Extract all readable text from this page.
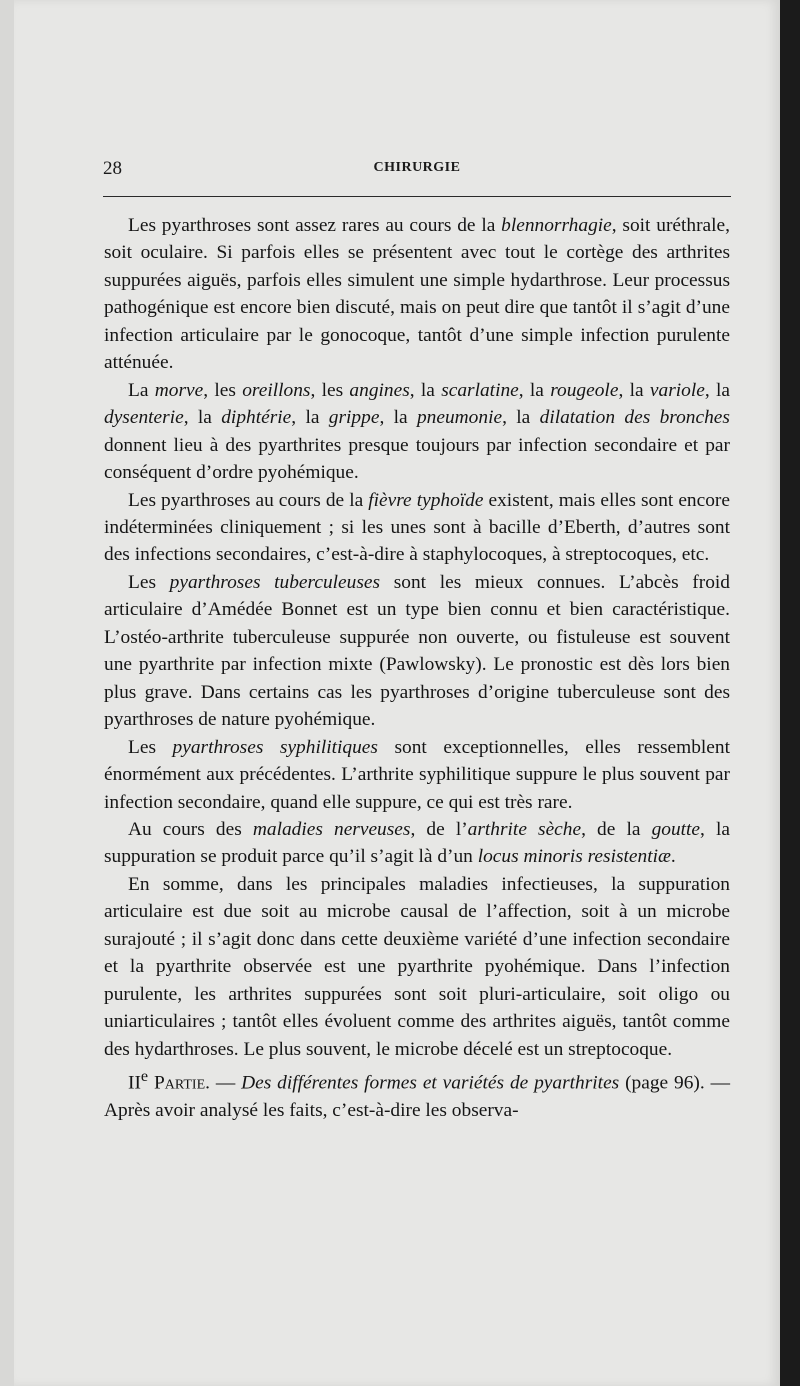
28	CHIRURGIE

Les pyarthroses sont assez rares au cours de la blennorrhagie, soit uréthrale, soit oculaire. Si parfois elles se présentent avec tout le cortège des arthrites suppurées aiguës, parfois elles simulent une simple hydarthrose. Leur processus pathogénique est encore bien discuté, mais on peut dire que tantôt il s’agit d’une infection articulaire par le gonocoque, tantôt d’une simple infection purulente atténuée.

La morve, les oreillons, les angines, la scarlatine, la rougeole, la variole, la dysenterie, la diphtérie, la grippe, la pneumonie, la dilatation des bronches donnent lieu à des pyarthrites presque toujours par infection secondaire et par conséquent d’ordre pyohémique.

Les pyarthroses au cours de la fièvre typhoïde existent, mais elles sont encore indéterminées cliniquement ; si les unes sont à bacille d’Eberth, d’autres sont des infections secondaires, c’est-à-dire à staphylocoques, à streptocoques, etc.

Les pyarthroses tuberculeuses sont les mieux connues. L’abcès froid articulaire d’Amédée Bonnet est un type bien connu et bien caractéristique. L’ostéo-arthrite tuberculeuse suppurée non ouverte, ou fistuleuse est souvent une pyarthrite par infection mixte (Pawlowsky). Le pronostic est dès lors bien plus grave. Dans certains cas les pyarthroses d’origine tuberculeuse sont des pyarthroses de nature pyohémique.

Les pyarthroses syphilitiques sont exceptionnelles, elles ressemblent énormément aux précédentes. L’arthrite syphilitique suppure le plus souvent par infection secondaire, quand elle suppure, ce qui est très rare.

Au cours des maladies nerveuses, de l’arthrite sèche, de la goutte, la suppuration se produit parce qu’il s’agit là d’un locus minoris resistentiæ.

En somme, dans les principales maladies infectieuses, la suppuration articulaire est due soit au microbe causal de l’affection, soit à un microbe surajouté ; il s’agit donc dans cette deuxième variété d’une infection secondaire et la pyarthrite observée est une pyarthrite pyohémique. Dans l’infection purulente, les arthrites suppurées sont soit pluri-articulaire, soit oligo ou uniarticulaires ; tantôt elles évoluent comme des arthrites aiguës, tantôt comme des hydarthroses. Le plus souvent, le microbe décelé est un streptocoque.

IIe Partie. — Des différentes formes et variétés de pyarthrites (page 96). — Après avoir analysé les faits, c’est-à-dire les observa-
